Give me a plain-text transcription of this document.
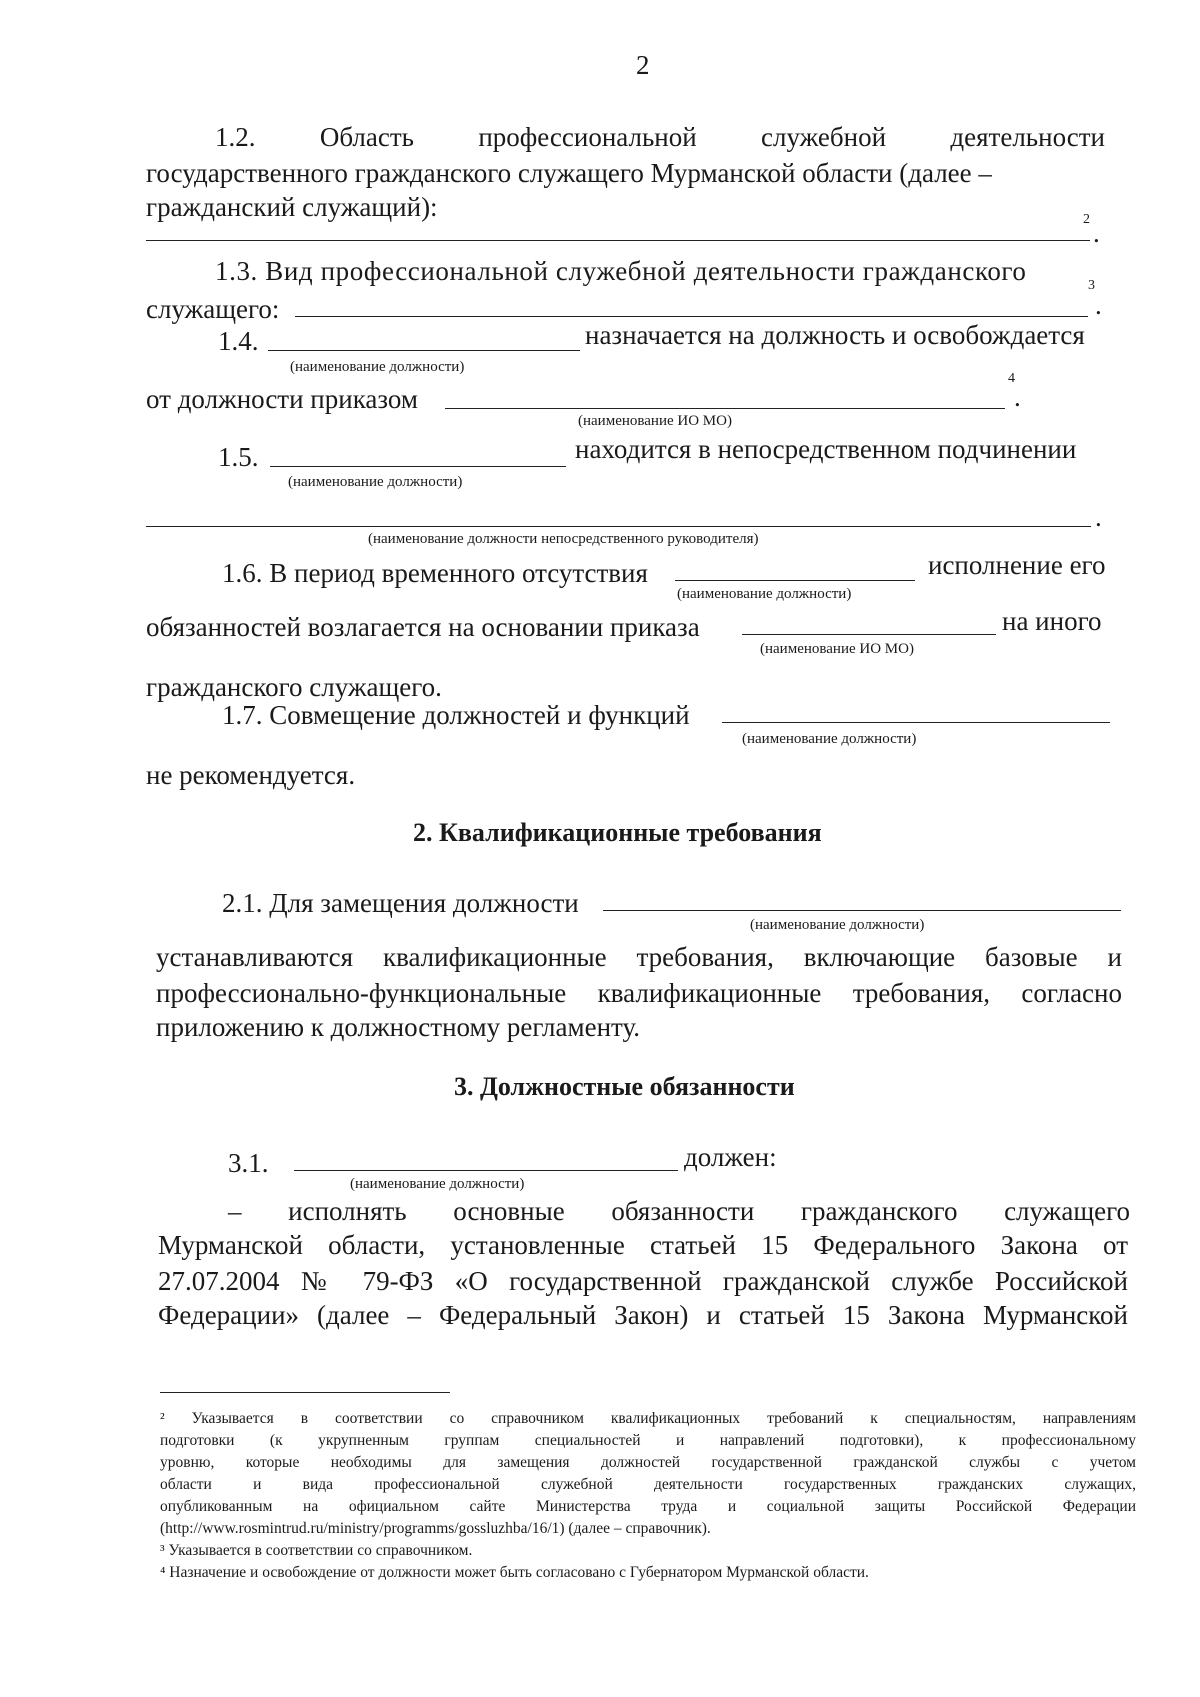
2
1.2. Область профессиональной служебной деятельности
государственного гражданского служащего Мурманской области (далее –
гражданский служащий):	2 .
1.3. Вид профессиональной служебной деятельности гражданского
служащего:
3
.
1.4.	назначается на должность и освобождается
(наименование должности)
от должности приказом
4
.
(наименование ИО МО)
1.5.	находится в непосредственном подчинении
(наименование должности)
.
(наименование должности непосредственного руководителя)
1.6. В период временного отсутствия	исполнение его
(наименование должности)
обязанностей возлагается на основании приказа	на иного
(наименование ИО МО)
гражданского служащего.
1.7. Совмещение должностей и функций
(наименование должности)
не рекомендуется.
2. Квалификационные требования
2.1. Для замещения должности
(наименование должности)
устанавливаются квалификационные требования, включающие базовые и
профессионально-функциональные квалификационные требования, согласно
приложению к должностному регламенту.
3. Должностные обязанности
3.1.	должен:
(наименование должности)
– исполнять основные обязанности гражданского служащего
Мурманской области, установленные статьей 15 Федерального Закона от
27.07.2004 № 79-ФЗ «О государственной гражданской службе Российской
Федерации» (далее – Федеральный Закон) и статьей 15 Закона Мурманской
² Указывается в соответствии со справочником квалификационных требований к специальностям, направлениям
подготовки (к укрупненным группам специальностей и направлений подготовки), к профессиональному
уровню, которые необходимы для замещения должностей государственной гражданской службы с учетом
области и вида профессиональной служебной деятельности государственных гражданских служащих,
опубликованным на официальном сайте Министерства труда и социальной защиты Российской Федерации
(http://www.rosmintrud.ru/ministry/programms/gossluzhba/16/1) (далее – справочник).
³ Указывается в соответствии со справочником.
⁴ Назначение и освобождение от должности может быть согласовано с Губернатором Мурманской области.
